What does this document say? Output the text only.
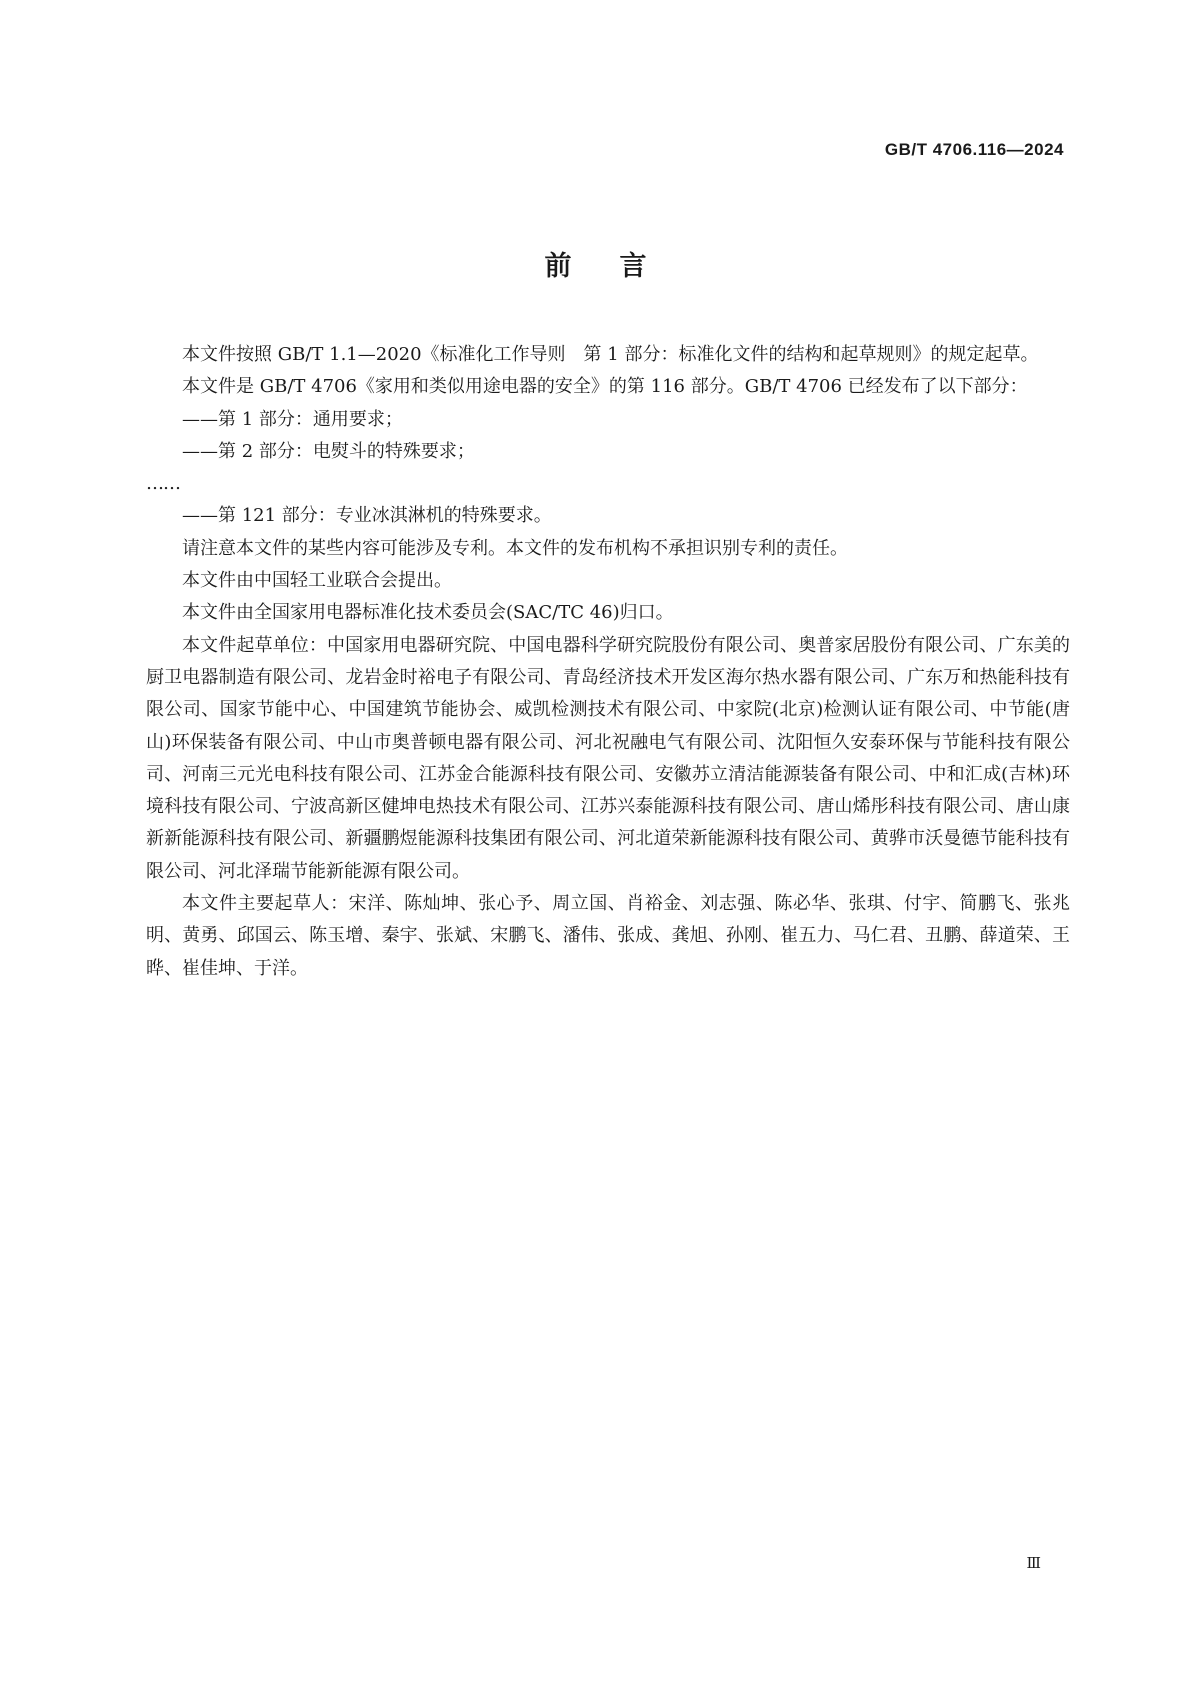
GB/T 4706.116—2024
前言

本文件按照 GB/T 1.1—2020《标准化工作导则　第 1 部分：标准化文件的结构和起草规则》的规定起草。

本文件是 GB/T 4706《家用和类似用途电器的安全》的第 116 部分。GB/T 4706 已经发布了以下部分：

——第 1 部分：通用要求；

——第 2 部分：电熨斗的特殊要求；

……

——第 121 部分：专业冰淇淋机的特殊要求。

请注意本文件的某些内容可能涉及专利。本文件的发布机构不承担识别专利的责任。

本文件由中国轻工业联合会提出。

本文件由全国家用电器标准化技术委员会(SAC/TC 46)归口。

本文件起草单位：中国家用电器研究院、中国电器科学研究院股份有限公司、奥普家居股份有限公司、广东美的厨卫电器制造有限公司、龙岩金时裕电子有限公司、青岛经济技术开发区海尔热水器有限公司、广东万和热能科技有限公司、国家节能中心、中国建筑节能协会、威凯检测技术有限公司、中家院(北京)检测认证有限公司、中节能(唐山)环保装备有限公司、中山市奥普顿电器有限公司、河北祝融电气有限公司、沈阳恒久安泰环保与节能科技有限公司、河南三元光电科技有限公司、江苏金合能源科技有限公司、安徽苏立清洁能源装备有限公司、中和汇成(吉林)环境科技有限公司、宁波高新区健坤电热技术有限公司、江苏兴泰能源科技有限公司、唐山烯彤科技有限公司、唐山康新新能源科技有限公司、新疆鹏煜能源科技集团有限公司、河北道荣新能源科技有限公司、黄骅市沃曼德节能科技有限公司、河北泽瑞节能新能源有限公司。

本文件主要起草人：宋洋、陈灿坤、张心予、周立国、肖裕金、刘志强、陈必华、张琪、付宇、简鹏飞、张兆明、黄勇、邱国云、陈玉增、秦宇、张斌、宋鹏飞、潘伟、张成、龚旭、孙刚、崔五力、马仁君、丑鹏、薛道荣、王晔、崔佳坤、于洋。

Ⅲ
